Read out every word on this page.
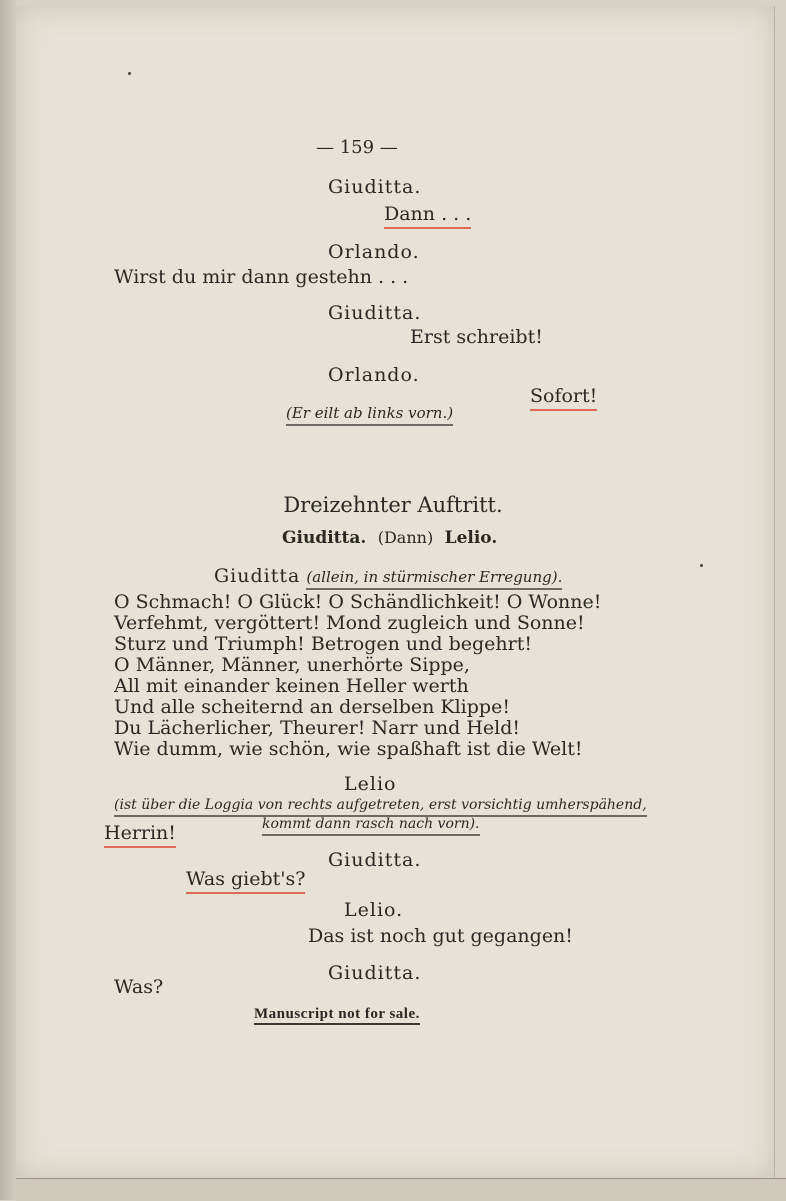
— 159 —
Giuditta.
Dann . . .
Orlando.
Wirst du mir dann gestehn . . .
Giuditta.
Erst schreibt!
Orlando.
Sofort!
(Er eilt ab links vorn.)
Dreizehnter Auftritt.
Giuditta. (Dann) Lelio.
Giuditta (allein, in stürmischer Erregung).
O Schmach! O Glück! O Schändlichkeit! O Wonne!
Verfehmt, vergöttert! Mond zugleich und Sonne!
Sturz und Triumph! Betrogen und begehrt!
O Männer, Männer, unerhörte Sippe,
All mit einander keinen Heller werth
Und alle scheiternd an derselben Klippe!
Du Lächerlicher, Theurer! Narr und Held!
Wie dumm, wie schön, wie spaßhaft ist die Welt!
Lelio
(ist über die Loggia von rechts aufgetreten, erst vorsichtig umherspähend,
kommt dann rasch nach vorn).
Herrin!
Giuditta.
Was giebt's?
Lelio.
Das ist noch gut gegangen!
Giuditta.
Was?
Manuscript not for sale.
